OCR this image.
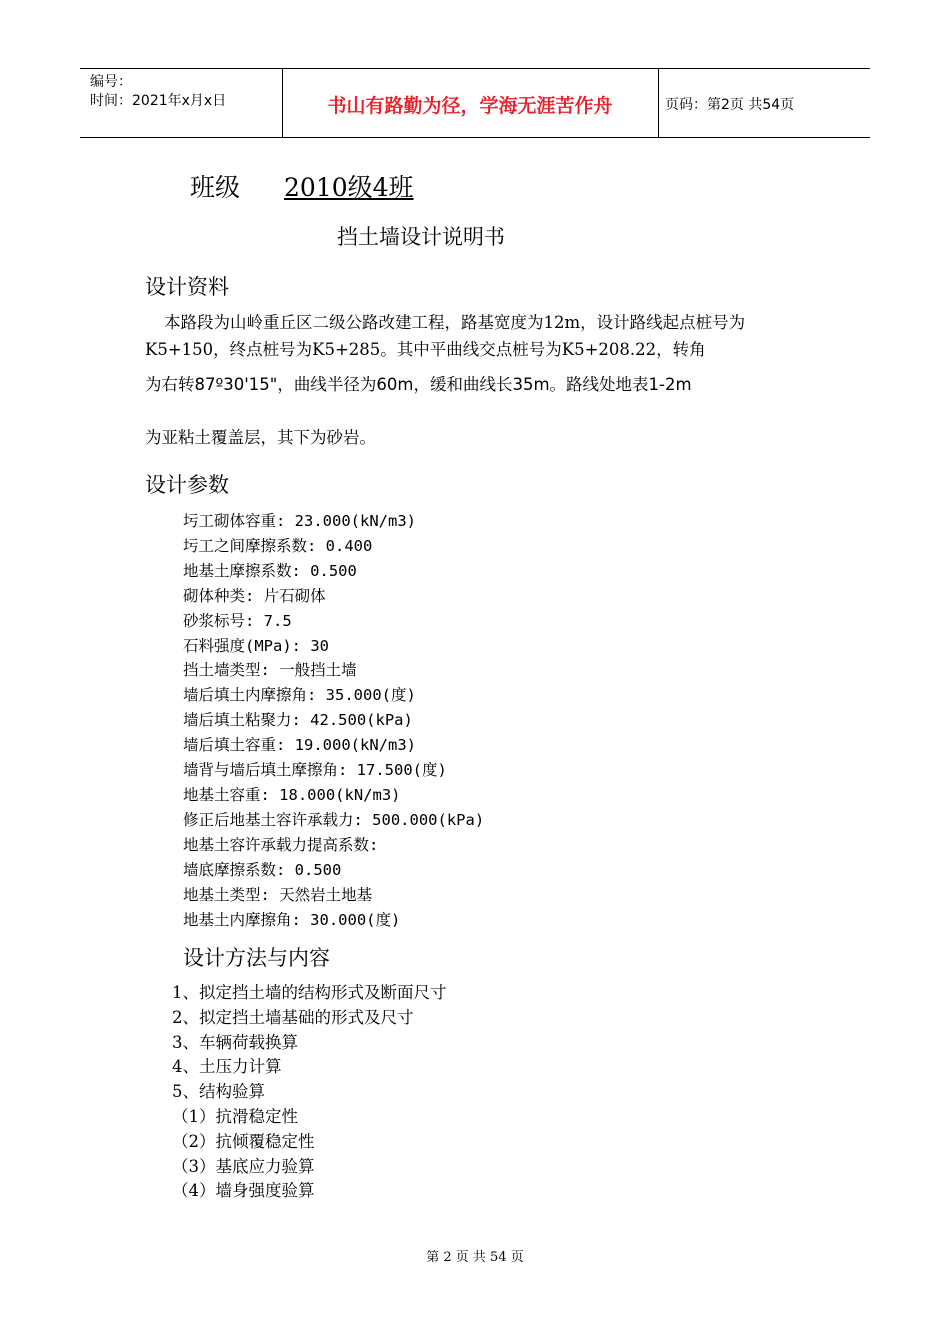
编号：
时间：2021年x月x日	书山有路勤为径，学海无涯苦作舟	页码：第2页 共54页
班级 2010级4班
挡土墙设计说明书
设计资料
本路段为山岭重丘区二级公路改建工程，路基宽度为12m，设计路线起点桩号为K5+150，终点桩号为K5+285。其中平曲线交点桩号为K5+208.22，转角
为右转87º30'15"，曲线半径为60m，缓和曲线长35m。路线处地表1-2m
为亚粘土覆盖层，其下为砂岩。
设计参数
圬工砌体容重: 23.000(kN/m3)
圬工之间摩擦系数: 0.400
地基土摩擦系数: 0.500
砌体种类: 片石砌体
砂浆标号: 7.5
石料强度(MPa): 30
挡土墙类型: 一般挡土墙
墙后填土内摩擦角: 35.000(度)
墙后填土粘聚力: 42.500(kPa)
墙后填土容重: 19.000(kN/m3)
墙背与墙后填土摩擦角: 17.500(度)
地基土容重: 18.000(kN/m3)
修正后地基土容许承载力: 500.000(kPa)
地基土容许承载力提高系数:
墙底摩擦系数: 0.500
地基土类型: 天然岩土地基
地基土内摩擦角: 30.000(度)
设计方法与内容
1、拟定挡土墙的结构形式及断面尺寸
2、拟定挡土墙基础的形式及尺寸
3、车辆荷载换算
4、土压力计算
5、结构验算
（1）抗滑稳定性
（2）抗倾覆稳定性
（3）基底应力验算
（4）墙身强度验算
第 2 页 共 54 页
